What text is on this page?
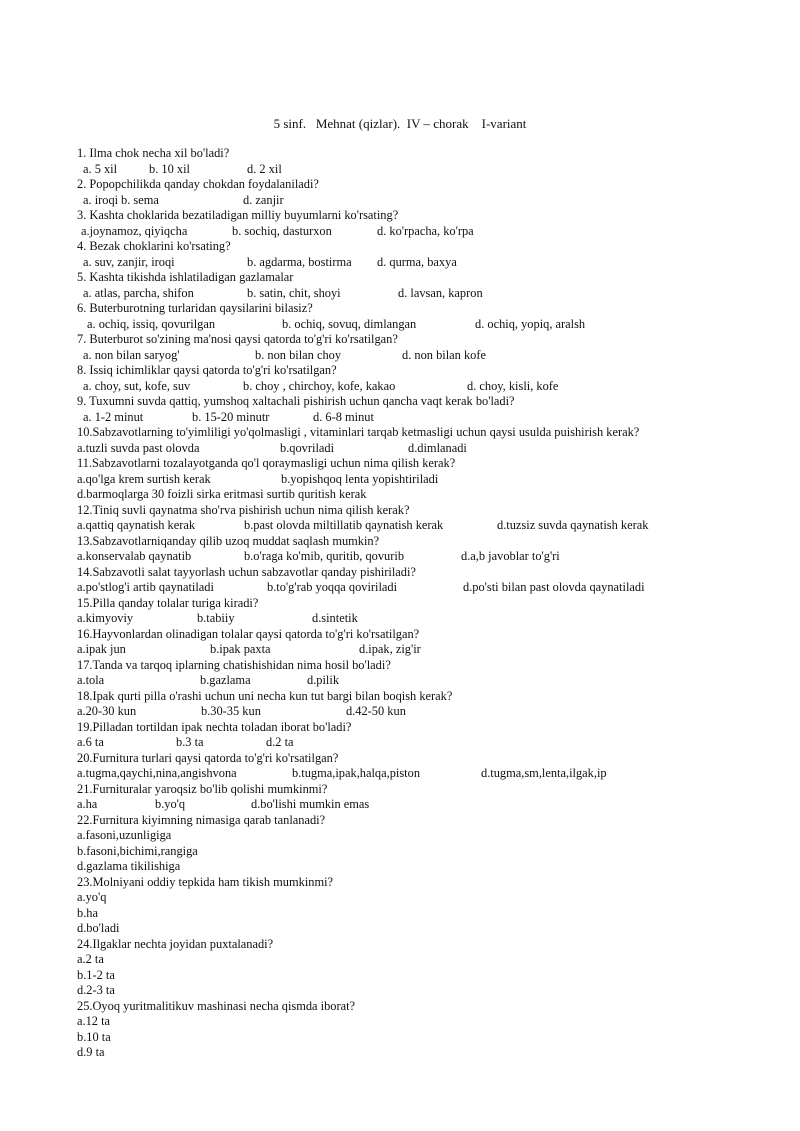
5 sinf.   Mehnat (qizlar).  IV – chorak    I-variant
1. Ilma chok necha xil bo'ladi?
a. 5 xil	b. 10 xil	d. 2 xil
2. Popopchilikda qanday chokdan foydalaniladi?
a. iroqi b. sema	d. zanjir
3. Kashta choklarida bezatiladigan milliy buyumlarni ko'rsating?
a.joynamoz, qiyiqcha	b. sochiq, dasturxon	d. ko'rpacha, ko'rpa
4. Bezak choklarini ko'rsating?
a. suv, zanjir, iroqi	b. agdarma, bostirma d. qurma, baxya
5. Kashta tikishda ishlatiladigan gazlamalar
a. atlas, parcha, shifon	b. satin, chit, shoyi	d. lavsan, kapron
6. Buterburotning turlaridan qaysilarini bilasiz?
a. ochiq, issiq, qovurilgan	b. ochiq, sovuq, dimlangan	d. ochiq, yopiq, aralsh
7. Buterburot so'zining ma'nosi qaysi qatorda to'g'ri ko'rsatilgan?
a. non bilan saryog'	b. non bilan choy	d. non bilan kofe
8. Issiq ichimliklar qaysi qatorda to'g'ri ko'rsatilgan?
a. choy, sut, kofe, suv	b. choy , chirchoy, kofe, kakao	d. choy, kisli, kofe
9. Tuxumni suvda qattiq, yumshoq xaltachali pishirish uchun qancha vaqt kerak bo'ladi?
a. 1-2 minut	b. 15-20 minutr	d. 6-8 minut
10.Sabzavotlarning to'yimliligi yo'qolmasligi , vitaminlari tarqab ketmasligi uchun qaysi usulda puishirish kerak?
a.tuzli suvda past olovda	b.qovriladi	d.dimlanadi
11.Sabzavotlarni tozalayotganda qo'l qoraymasligi uchun nima qilish kerak?
a.qo'lga krem surtish kerak	b.yopishqoq lenta yopishtiriladi
d.barmoqlarga 30 foizli sirka eritmasi surtib quritish kerak
12.Tiniq suvli qaynatma sho'rva pishirish uchun nima qilish kerak?
a.qattiq qaynatish kerak	b.past olovda miltillatib qaynatish kerak	d.tuzsiz suvda qaynatish kerak
13.Sabzavotlarniqanday qilib uzoq muddat saqlash mumkin?
a.konservalab qaynatib	b.o'raga ko'mib, quritib, qovurib	d.a,b javoblar to'g'ri
14.Sabzavotli salat tayyorlash uchun sabzavotlar qanday pishiriladi?
a.po'stlog'i artib qaynatiladi	b.to'g'rab yoqqa qoviriladi	d.po'sti bilan past olovda qaynatiladi
15.Pilla qanday tolalar turiga kiradi?
a.kimyoviy	b.tabiiy	d.sintetik
16.Hayvonlardan olinadigan tolalar qaysi qatorda to'g'ri ko'rsatilgan?
a.ipak jun	b.ipak paxta	d.ipak, zig'ir
17.Tanda va tarqoq iplarning chatishishidan nima hosil bo'ladi?
a.tola	b.gazlama	d.pilik
18.Ipak qurti pilla o'rashi uchun uni necha kun tut bargi bilan boqish kerak?
a.20-30 kun	b.30-35 kun	d.42-50 kun
19.Pilladan tortildan ipak nechta toladan iborat bo'ladi?
a.6 ta	b.3 ta	d.2 ta
20.Furnitura turlari qaysi qatorda to'g'ri ko'rsatilgan?
a.tugma,qaychi,nina,angishvona	b.tugma,ipak,halqa,piston	d.tugma,sm,lenta,ilgak,ip
21.Furnituralar yaroqsiz bo'lib qolishi mumkinmi?
a.ha	b.yo'q	d.bo'lishi mumkin emas
22.Furnitura kiyimning nimasiga qarab tanlanadi?
a.fasoni,uzunligiga
b.fasoni,bichimi,rangiga
d.gazlama tikilishiga
23.Molniyani oddiy tepkida ham tikish mumkinmi?
a.yo'q
b.ha
d.bo'ladi
24.Ilgaklar nechta joyidan puxtalanadi?
a.2 ta
b.1-2 ta
d.2-3 ta
25.Oyoq yuritmalitikuv mashinasi necha qismda iborat?
a.12 ta
b.10 ta
d.9 ta
